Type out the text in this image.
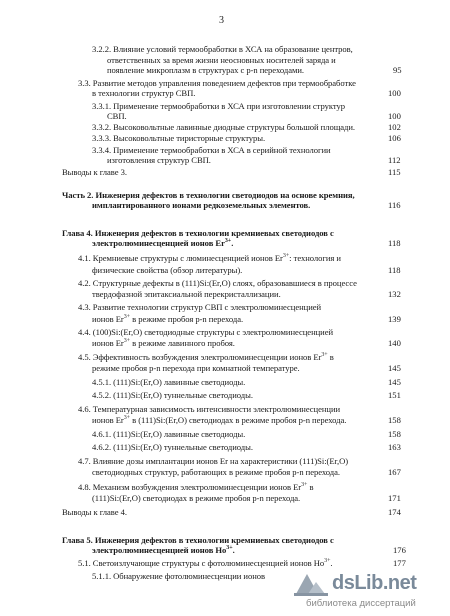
3
3.2.2. Влияние условий термообработки в ХСА на образование центров,
ответственных за время жизни неосновных носителей заряда и
появление микроплазм в структурах с p-n переходами.	95
3.3. Развитие методов управления поведением дефектов при термообработке
в технологии структур СВП.	100
3.3.1. Применение термообработки в ХСА при изготовлении структур
СВП.	100
3.3.2. Высоковольтные лавинные диодные структуры большой площади.	102
3.3.3. Высоковольтные тиристорные структуры.	106
3.3.4. Применение термообработки в ХСА в серийной технологии
изготовления структур СВП.	112
Выводы к главе 3.	115
Часть 2. Инженерия дефектов в технологии светодиодов на основе кремния,
имплантированного ионами редкоземельных элементов.	116
Глава 4. Инженерия дефектов в технологии кремниевых светодиодов с
электролюминесценцией ионов $Er^{3+}$.	118
4.1. Кремниевые структуры с люминесценцией ионов $Er^{3+}$: технология и
физические свойства (обзор литературы).	118
4.2. Структурные дефекты в (111)Si:(Er,O) слоях, образовавшиеся в процессе
твердофазной эпитаксиальной перекристаллизации.	132
4.3. Развитие технологии структур СВП с электролюминесценцией
ионов $Er^{3+}$ в режиме пробоя p-n перехода.	139
4.4. (100)Si:(Er,O) светодиодные структуры с электролюминесценцией
ионов $Er^{3+}$ в режиме лавинного пробоя.	140
4.5. Эффективность возбуждения электролюминесценции ионов $Er^{3+}$ в
режиме пробоя p-n перехода при комнатной температуре.	145
4.5.1. (111)Si:(Er,O) лавинные светодиоды.	145
4.5.2. (111)Si:(Er,O) туннельные светодиоды.	151
4.6. Температурная зависимость интенсивности электролюминесценции
ионов $Er^{3+}$ в (111)Si:(Er,O) светодиодах в режиме пробоя p-n перехода.	158
4.6.1. (111)Si:(Er,O) лавинные светодиоды.	158
4.6.2. (111)Si:(Er,O) туннельные светодиоды.	163
4.7. Влияние дозы имплантации ионов Er на характеристики (111)Si:(Er,O)
светодиодных структур, работающих в режиме пробоя p-n перехода.	167
4.8. Механизм возбуждения электролюминесценции ионов $Er^{3+}$ в
(111)Si:(Er,O) светодиодах в режиме пробоя p-n перехода.	171
Выводы к главе 4.	174
Глава 5. Инженерия дефектов в технологии кремниевых светодиодов с
электролюминесценцией ионов $Ho^{3+}$.	176
5.1. Светоизлучающие структуры с фотолюминесценцией ионов $Ho^{3+}$.	177
5.1.1. Обнаружение фотолюминесценции ионов	dsLib.net
библиотека диссертаций
